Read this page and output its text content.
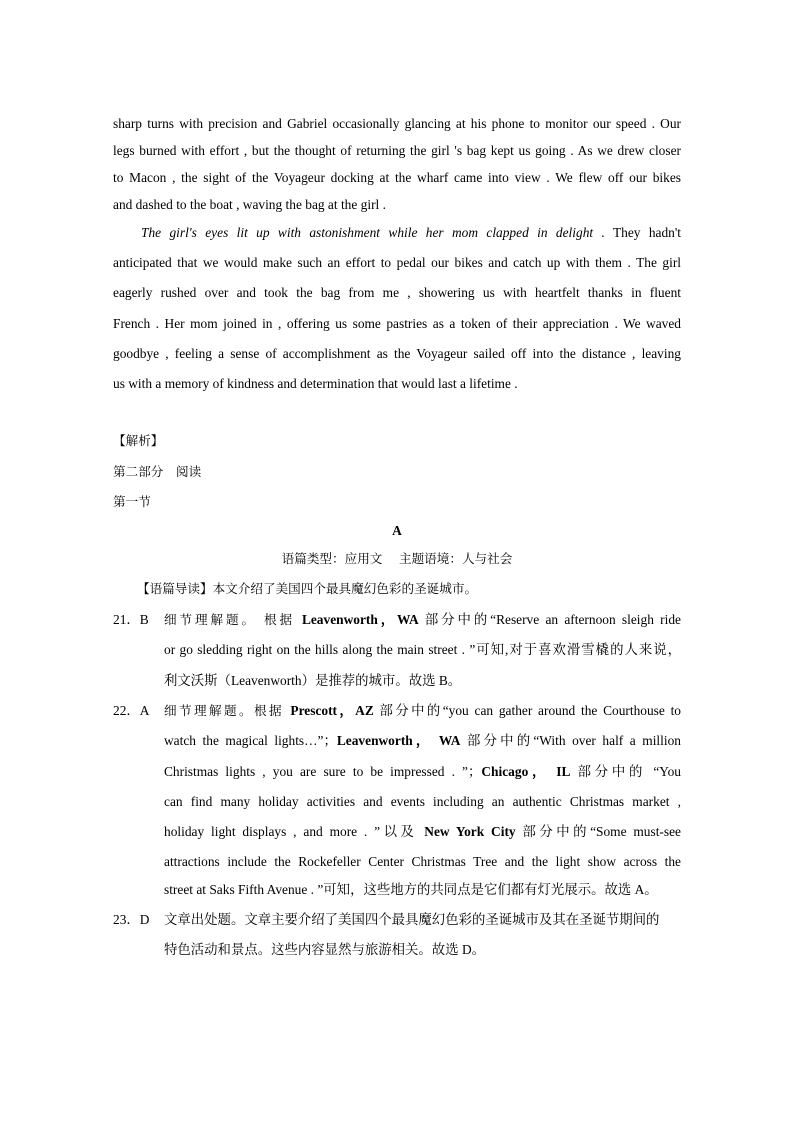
sharp turns with precision and Gabriel occasionally glancing at his phone to monitor our speed . Our
legs burned with effort , but the thought of returning the girl 's bag kept us going . As we drew closer
to Macon , the sight of the Voyageur docking at the wharf came into view . We flew off our bikes
and dashed to the boat , waving the bag at the girl .
The girl's eyes lit up with astonishment while her mom clapped in delight . They hadn't
anticipated that we would make such an effort to pedal our bikes and catch up with them . The girl
eagerly rushed over and took the bag from me , showering us with heartfelt thanks in fluent
French . Her mom joined in , offering us some pastries as a token of their appreciation . We waved
goodbye , feeling a sense of accomplishment as the Voyageur sailed off into the distance , leaving
us with a memory of kindness and determination that would last a lifetime .
【解析】
第二部分　阅读
第一节
A
语篇类型：应用文　 主题语境：人与社会
【语篇导读】本文介绍了美国四个最具魔幻色彩的圣诞城市。
21．B 细节理解题。 根据 Leavenworth，WA 部分中的“Reserve an afternoon sleigh ride
or go sledding right on the hills along the main street . ”可知,对于喜欢滑雪橇的人来说，
利文沃斯（Leavenworth）是推荐的城市。故选 B。
22．A 细节理解题。根据 Prescott，AZ 部分中的“you can gather around the Courthouse to
watch the magical lights…”；Leavenworth， WA 部分中的“With over half a million
Christmas lights , you are sure to be impressed . ”；Chicago， IL 部分中的 “You
can find many holiday activities and events including an authentic Christmas market ,
holiday light displays , and more . ”以及 New York City 部分中的“Some must-see
attractions include the Rockefeller Center Christmas Tree and the light show across the
street at Saks Fifth Avenue . ”可知，这些地方的共同点是它们都有灯光展示。故选 A。
23．D 文章出处题。文章主要介绍了美国四个最具魔幻色彩的圣诞城市及其在圣诞节期间的
特色活动和景点。这些内容显然与旅游相关。故选 D。
